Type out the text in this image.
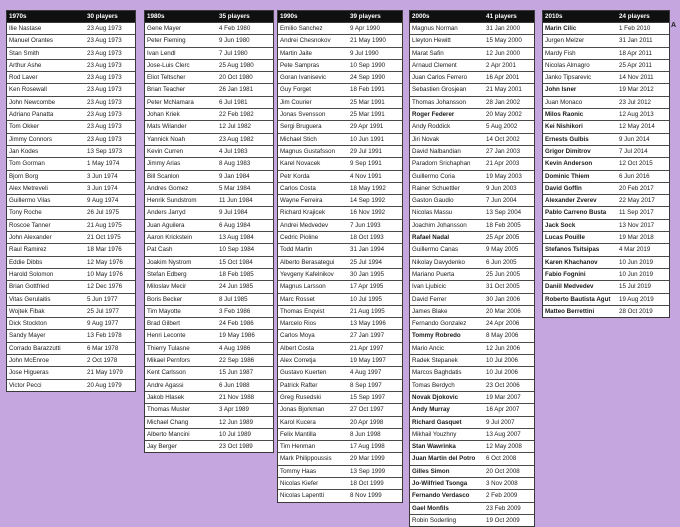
1970s	30 players
Ilie Nastase	23 Aug 1973
Manuel Orantes	23 Aug 1973
Stan Smith	23 Aug 1973
Arthur Ashe	23 Aug 1973
Rod Laver	23 Aug 1973
Ken Rosewall	23 Aug 1973
John Newcombe	23 Aug 1973
Adriano Panatta	23 Aug 1973
Tom Okker	23 Aug 1973
Jimmy Connors	23 Aug 1973
Jan Kodes	13 Sep 1973
Tom Gorman	1 May 1974
Bjorn Borg	3 Jun 1974
Alex Metreveli	3 Jun 1974
Guillermo Vilas	9 Aug 1974
Tony Roche	26 Jul 1975
Roscoe Tanner	21 Aug 1975
John Alexander	21 Oct 1975
Raul Ramirez	18 Mar 1976
Eddie Dibbs	12 May 1976
Harold Solomon	10 May 1976
Brian Gottfried	12 Dec 1976
Vitas Gerulaitis	5 Jun 1977
Wojtek Fibak	25 Jul 1977
Dick Stockton	9 Aug 1977
Sandy Mayer	13 Feb 1978
Corrado Barazzutti	6 Mar 1978
John McEnroe	2 Oct 1978
Jose Higueras	21 May 1979
Victor Pecci	20 Aug 1979
1980s	35 players
Gene Mayer	4 Feb 1980
Peter Fleming	9 Jun 1980
Ivan Lendl	7 Jul 1980
Jose-Luis Clerc	25 Aug 1980
Eliot Teltscher	20 Oct 1980
Brian Teacher	26 Jan 1981
Peter McNamara	6 Jul 1981
Johan Kriek	22 Feb 1982
Mats Wilander	12 Jul 1982
Yannick Noah	23 Aug 1982
Kevin Curren	4 Jul 1983
Jimmy Arias	8 Aug 1983
Bill Scanlon	9 Jan 1984
Andres Gomez	5 Mar 1984
Henrik Sundstrom	11 Jun 1984
Anders Jarryd	9 Jul 1984
Juan Aguilera	6 Aug 1984
Aaron Krickstein	13 Aug 1984
Pat Cash	10 Sep 1984
Joakim Nystrom	15 Oct 1984
Stefan Edberg	18 Feb 1985
Miloslav Mecir	24 Jun 1985
Boris Becker	8 Jul 1985
Tim Mayotte	3 Feb 1986
Brad Gilbert	24 Feb 1986
Henri Leconte	19 May 1986
Thierry Tulasne	4 Aug 1986
Mikael Pernfors	22 Sep 1986
Kent Carlsson	15 Jun 1987
Andre Agassi	6 Jun 1988
Jakob Hlasek	21 Nov 1988
Thomas Muster	3 Apr 1989
Michael Chang	12 Jun 1989
Alberto Mancini	10 Jul 1989
Jay Berger	23 Oct 1989
1990s	39 players
Emilio Sanchez	9 Apr 1990
Andrei Chesnokov	21 May 1990
Martin Jaite	9 Jul 1990
Pete Sampras	10 Sep 1990
Goran Ivanisevic	24 Sep 1990
Guy Forget	18 Feb 1991
Jim Courier	25 Mar 1991
Jonas Svensson	25 Mar 1991
Sergi Bruguera	29 Apr 1991
Michael Stich	10 Jun 1991
Magnus Gustafsson	29 Jul 1991
Karel Novacek	9 Sep 1991
Petr Korda	4 Nov 1991
Carlos Costa	18 May 1992
Wayne Ferreira	14 Sep 1992
Richard Krajicek	16 Nov 1992
Andrei Medvedev	7 Jun 1993
Cedric Pioline	18 Oct 1993
Todd Martin	31 Jan 1994
Alberto Berasategui	25 Jul 1994
Yevgeny Kafelnikov	30 Jan 1995
Magnus Larsson	17 Apr 1995
Marc Rosset	10 Jul 1995
Thomas Enqvist	21 Aug 1995
Marcelo Rios	13 May 1996
Carlos Moya	27 Jan 1997
Albert Costa	21 Apr 1997
Alex Corretja	19 May 1997
Gustavo Kuerten	4 Aug 1997
Patrick Rafter	8 Sep 1997
Greg Rusedski	15 Sep 1997
Jonas Bjorkman	27 Oct 1997
Karol Kucera	20 Apr 1998
Felix Mantilla	8 Jun 1998
Tim Henman	17 Aug 1998
Mark Philippoussis	29 Mar 1999
Tommy Haas	13 Sep 1999
Nicolas Kiefer	18 Oct 1999
Nicolas Lapentti	8 Nov 1999
2000s	41 players
Magnus Norman	31 Jan 2000
Lleyton Hewitt	15 May 2000
Marat Safin	12 Jun 2000
Arnaud Clement	2 Apr 2001
Juan Carlos Ferrero	16 Apr 2001
Sebastien Grosjean	21 May 2001
Thomas Johansson	28 Jan 2002
Roger Federer	20 May 2002
Andy Roddick	5 Aug 2002
Jiri Novak	14 Oct 2002
David Nalbandian	27 Jan 2003
Paradorn Srichaphan	21 Apr 2003
Guillermo Coria	19 May 2003
Rainer Schuettler	9 Jun 2003
Gaston Gaudio	7 Jun 2004
Nicolas Massu	13 Sep 2004
Joachim Johansson	18 Feb 2005
Rafael Nadal	25 Apr 2005
Guillermo Canas	9 May 2005
Nikolay Davydenko	6 Jun 2005
Mariano Puerta	25 Jun 2005
Ivan Ljubicic	31 Oct 2005
David Ferrer	30 Jan 2006
James Blake	20 Mar 2006
Fernando Gonzalez	24 Apr 2006
Tommy Robredo	8 May 2006
Mario Ancic	12 Jun 2006
Radek Stepanek	10 Jul 2006
Marcos Baghdatis	10 Jul 2006
Tomas Berdych	23 Oct 2006
Novak Djokovic	19 Mar 2007
Andy Murray	16 Apr 2007
Richard Gasquet	9 Jul 2007
Mikhail Youzhny	13 Aug 2007
Stan Wawrinka	12 May 2008
Juan Martin del Potro	6 Oct 2008
Gilles Simon	20 Oct 2008
Jo-Wilfried Tsonga	3 Nov 2008
Fernando Verdasco	2 Feb 2009
Gael Monfils	23 Feb 2009
Robin Soderling	19 Oct 2009
2010s	24 players
Marin Cilic	1 Feb 2010
Jurgen Melzer	31 Jan 2011
Mardy Fish	18 Apr 2011
Nicolas Almagro	25 Apr 2011
Janko Tipsarevic	14 Nov 2011
John Isner	19 Mar 2012
Juan Monaco	23 Jul 2012
Milos Raonic	12 Aug 2013
Kei Nishikori	12 May 2014
Ernests Gulbis	9 Jun 2014
Grigor Dimitrov	7 Jul 2014
Kevin Anderson	12 Oct 2015
Dominic Thiem	6 Jun 2016
David Goffin	20 Feb 2017
Alexander Zverev	22 May 2017
Pablo Carreno Busta	11 Sep 2017
Jack Sock	13 Nov 2017
Lucas Pouille	19 Mar 2018
Stefanos Tsitsipas	4 Mar 2019
Karen Khachanov	10 Jun 2019
Fabio Fognini	10 Jun 2019
Daniil Medvedev	15 Jul 2019
Roberto Bautista Agut	19 Aug 2019
Matteo Berrettini	28 Oct 2019
A
